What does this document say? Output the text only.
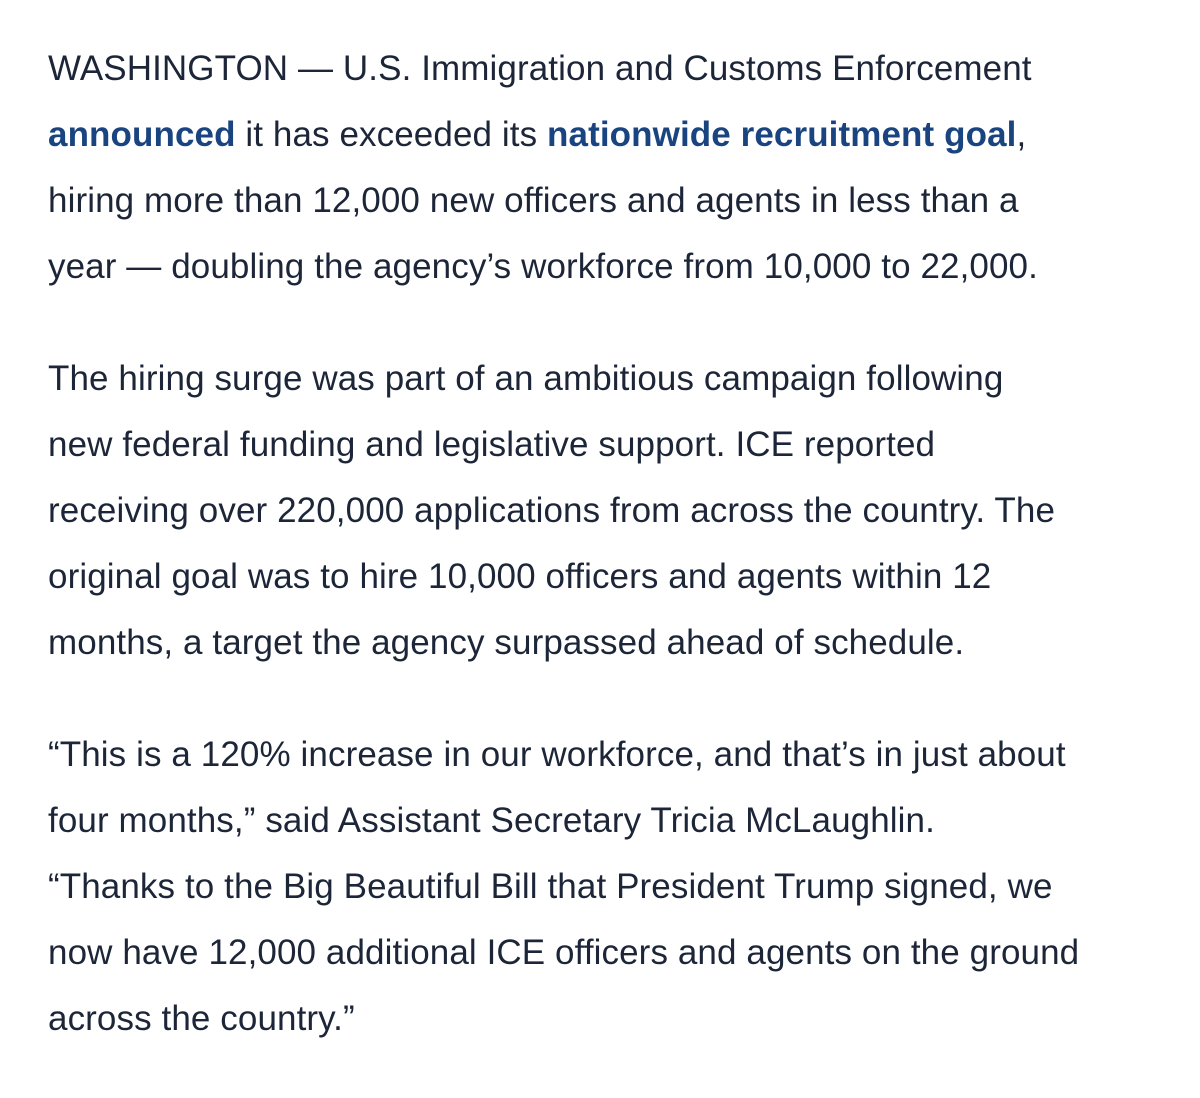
WASHINGTON — U.S. Immigration and Customs Enforcement
announced it has exceeded its nationwide recruitment goal,
hiring more than 12,000 new officers and agents in less than a
year — doubling the agency’s workforce from 10,000 to 22,000.

The hiring surge was part of an ambitious campaign following
new federal funding and legislative support. ICE reported
receiving over 220,000 applications from across the country. The
original goal was to hire 10,000 officers and agents within 12
months, a target the agency surpassed ahead of schedule.

“This is a 120% increase in our workforce, and that’s in just about
four months,” said Assistant Secretary Tricia McLaughlin.
“Thanks to the Big Beautiful Bill that President Trump signed, we
now have 12,000 additional ICE officers and agents on the ground
across the country.”
